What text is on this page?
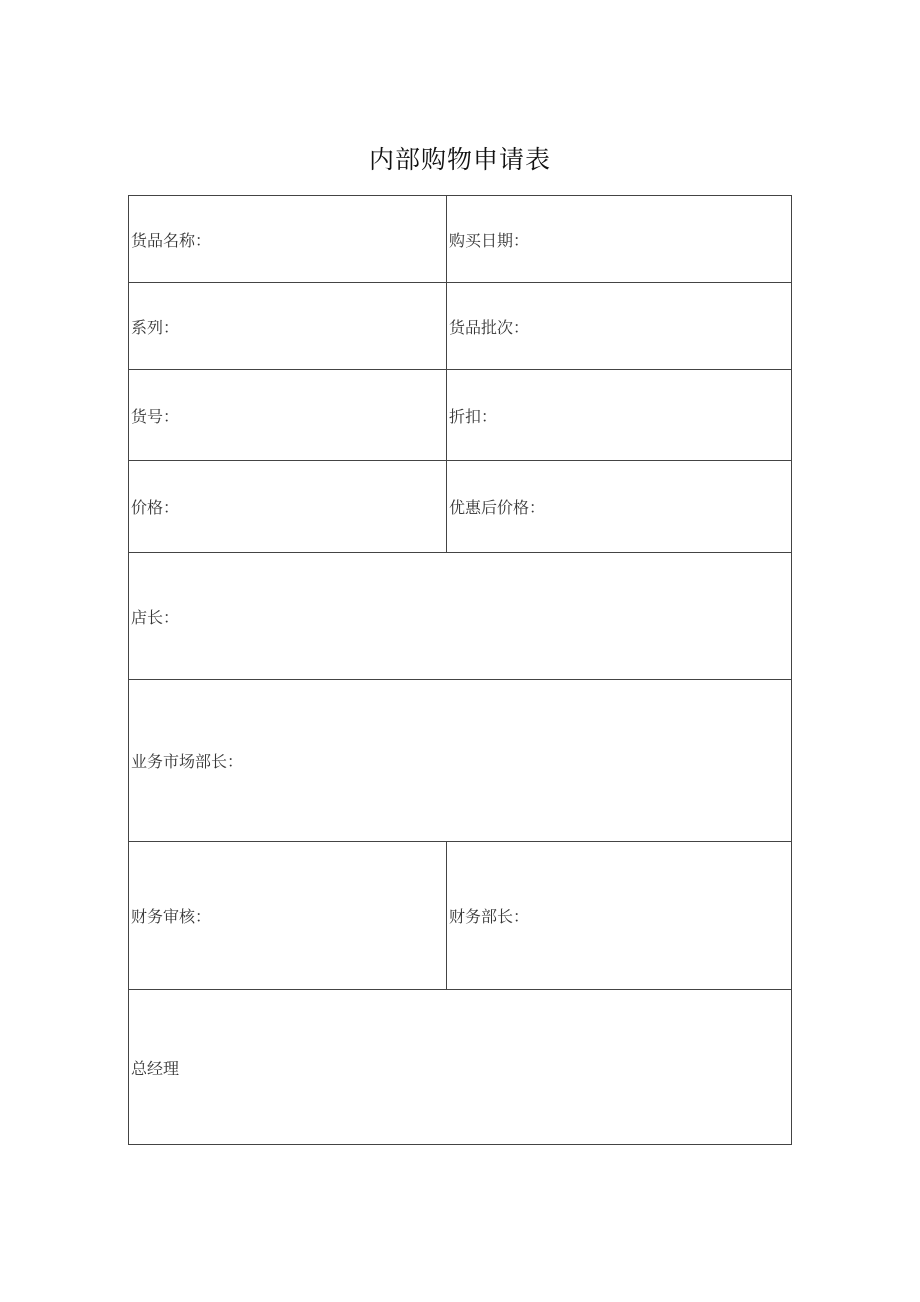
内部购物申请表
货品名称：	购买日期：
系列：	货品批次：
货号：	折扣：
价格：	优惠后价格：
店长：	
业务市场部长：	
财务审核：	财务部长：
总经理	
